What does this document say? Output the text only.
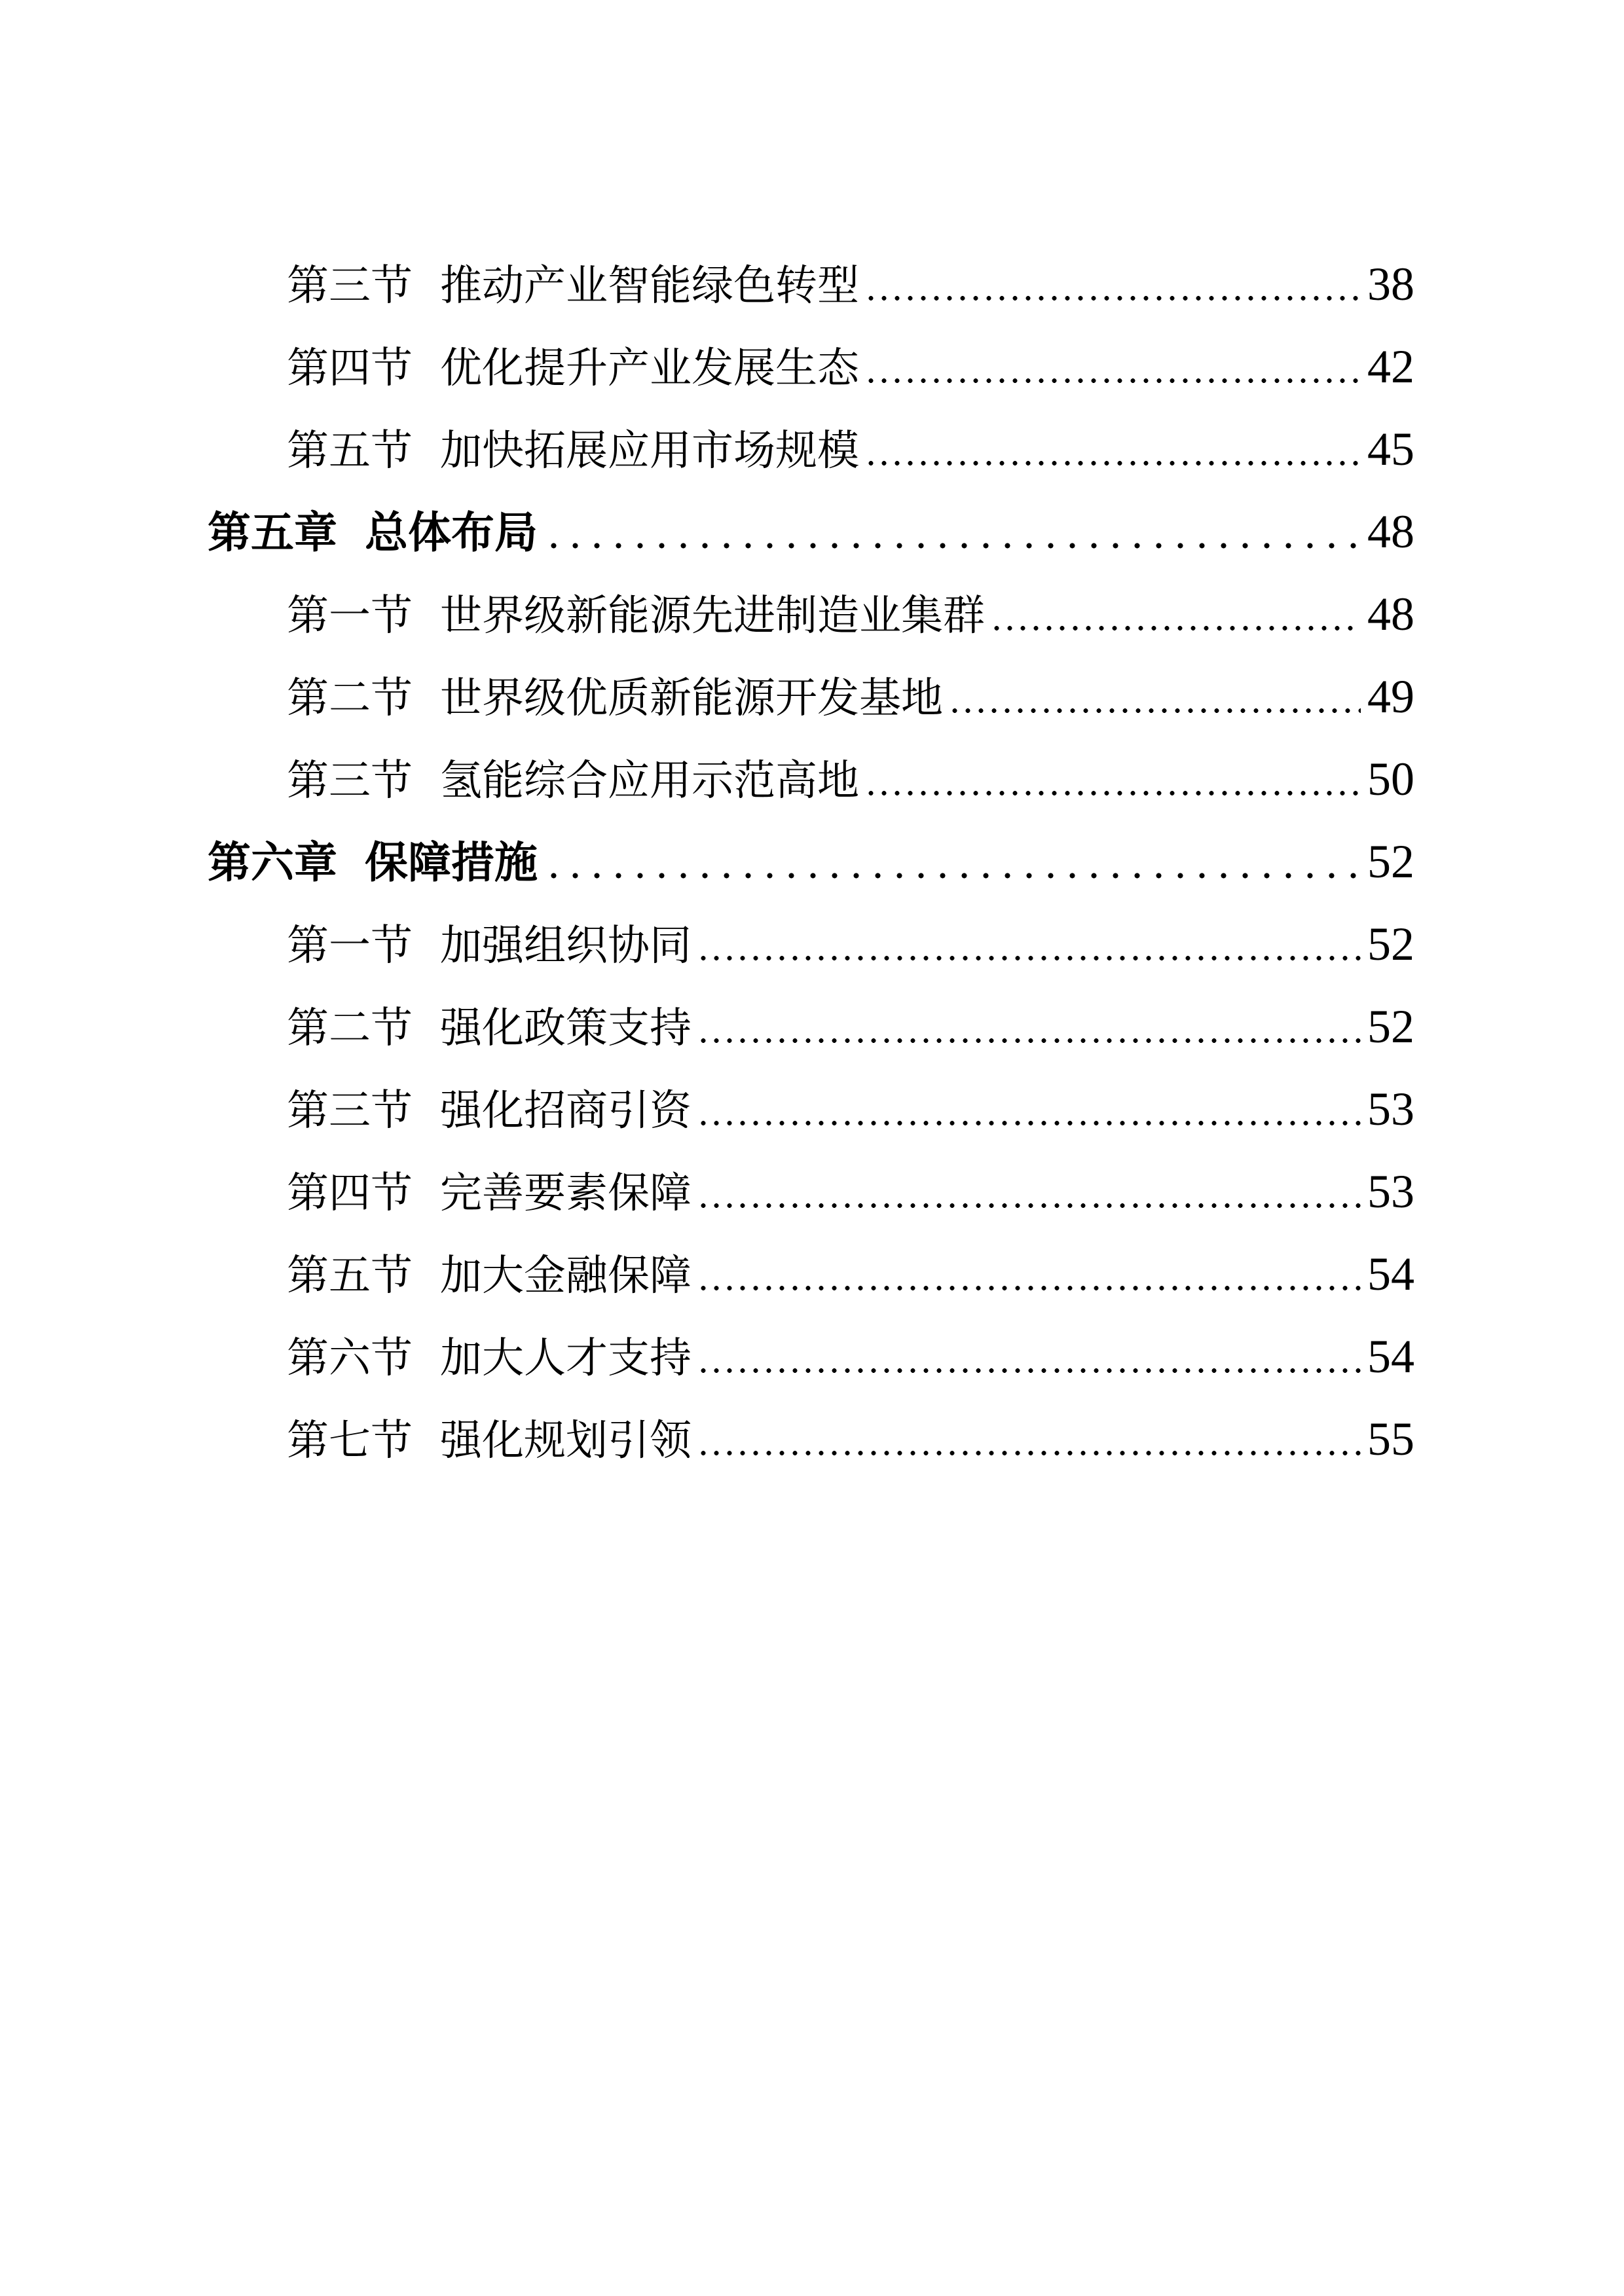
第三节 推动产业智能绿色转型	38
第四节 优化提升产业发展生态	42
第五节 加快拓展应用市场规模	45
第五章 总体布局	48
第一节 世界级新能源先进制造业集群	48
第二节 世界级优质新能源开发基地	49
第三节 氢能综合应用示范高地	50
第六章 保障措施	52
第一节 加强组织协同	52
第二节 强化政策支持	52
第三节 强化招商引资	53
第四节 完善要素保障	53
第五节 加大金融保障	54
第六节 加大人才支持	54
第七节 强化规划引领	55
